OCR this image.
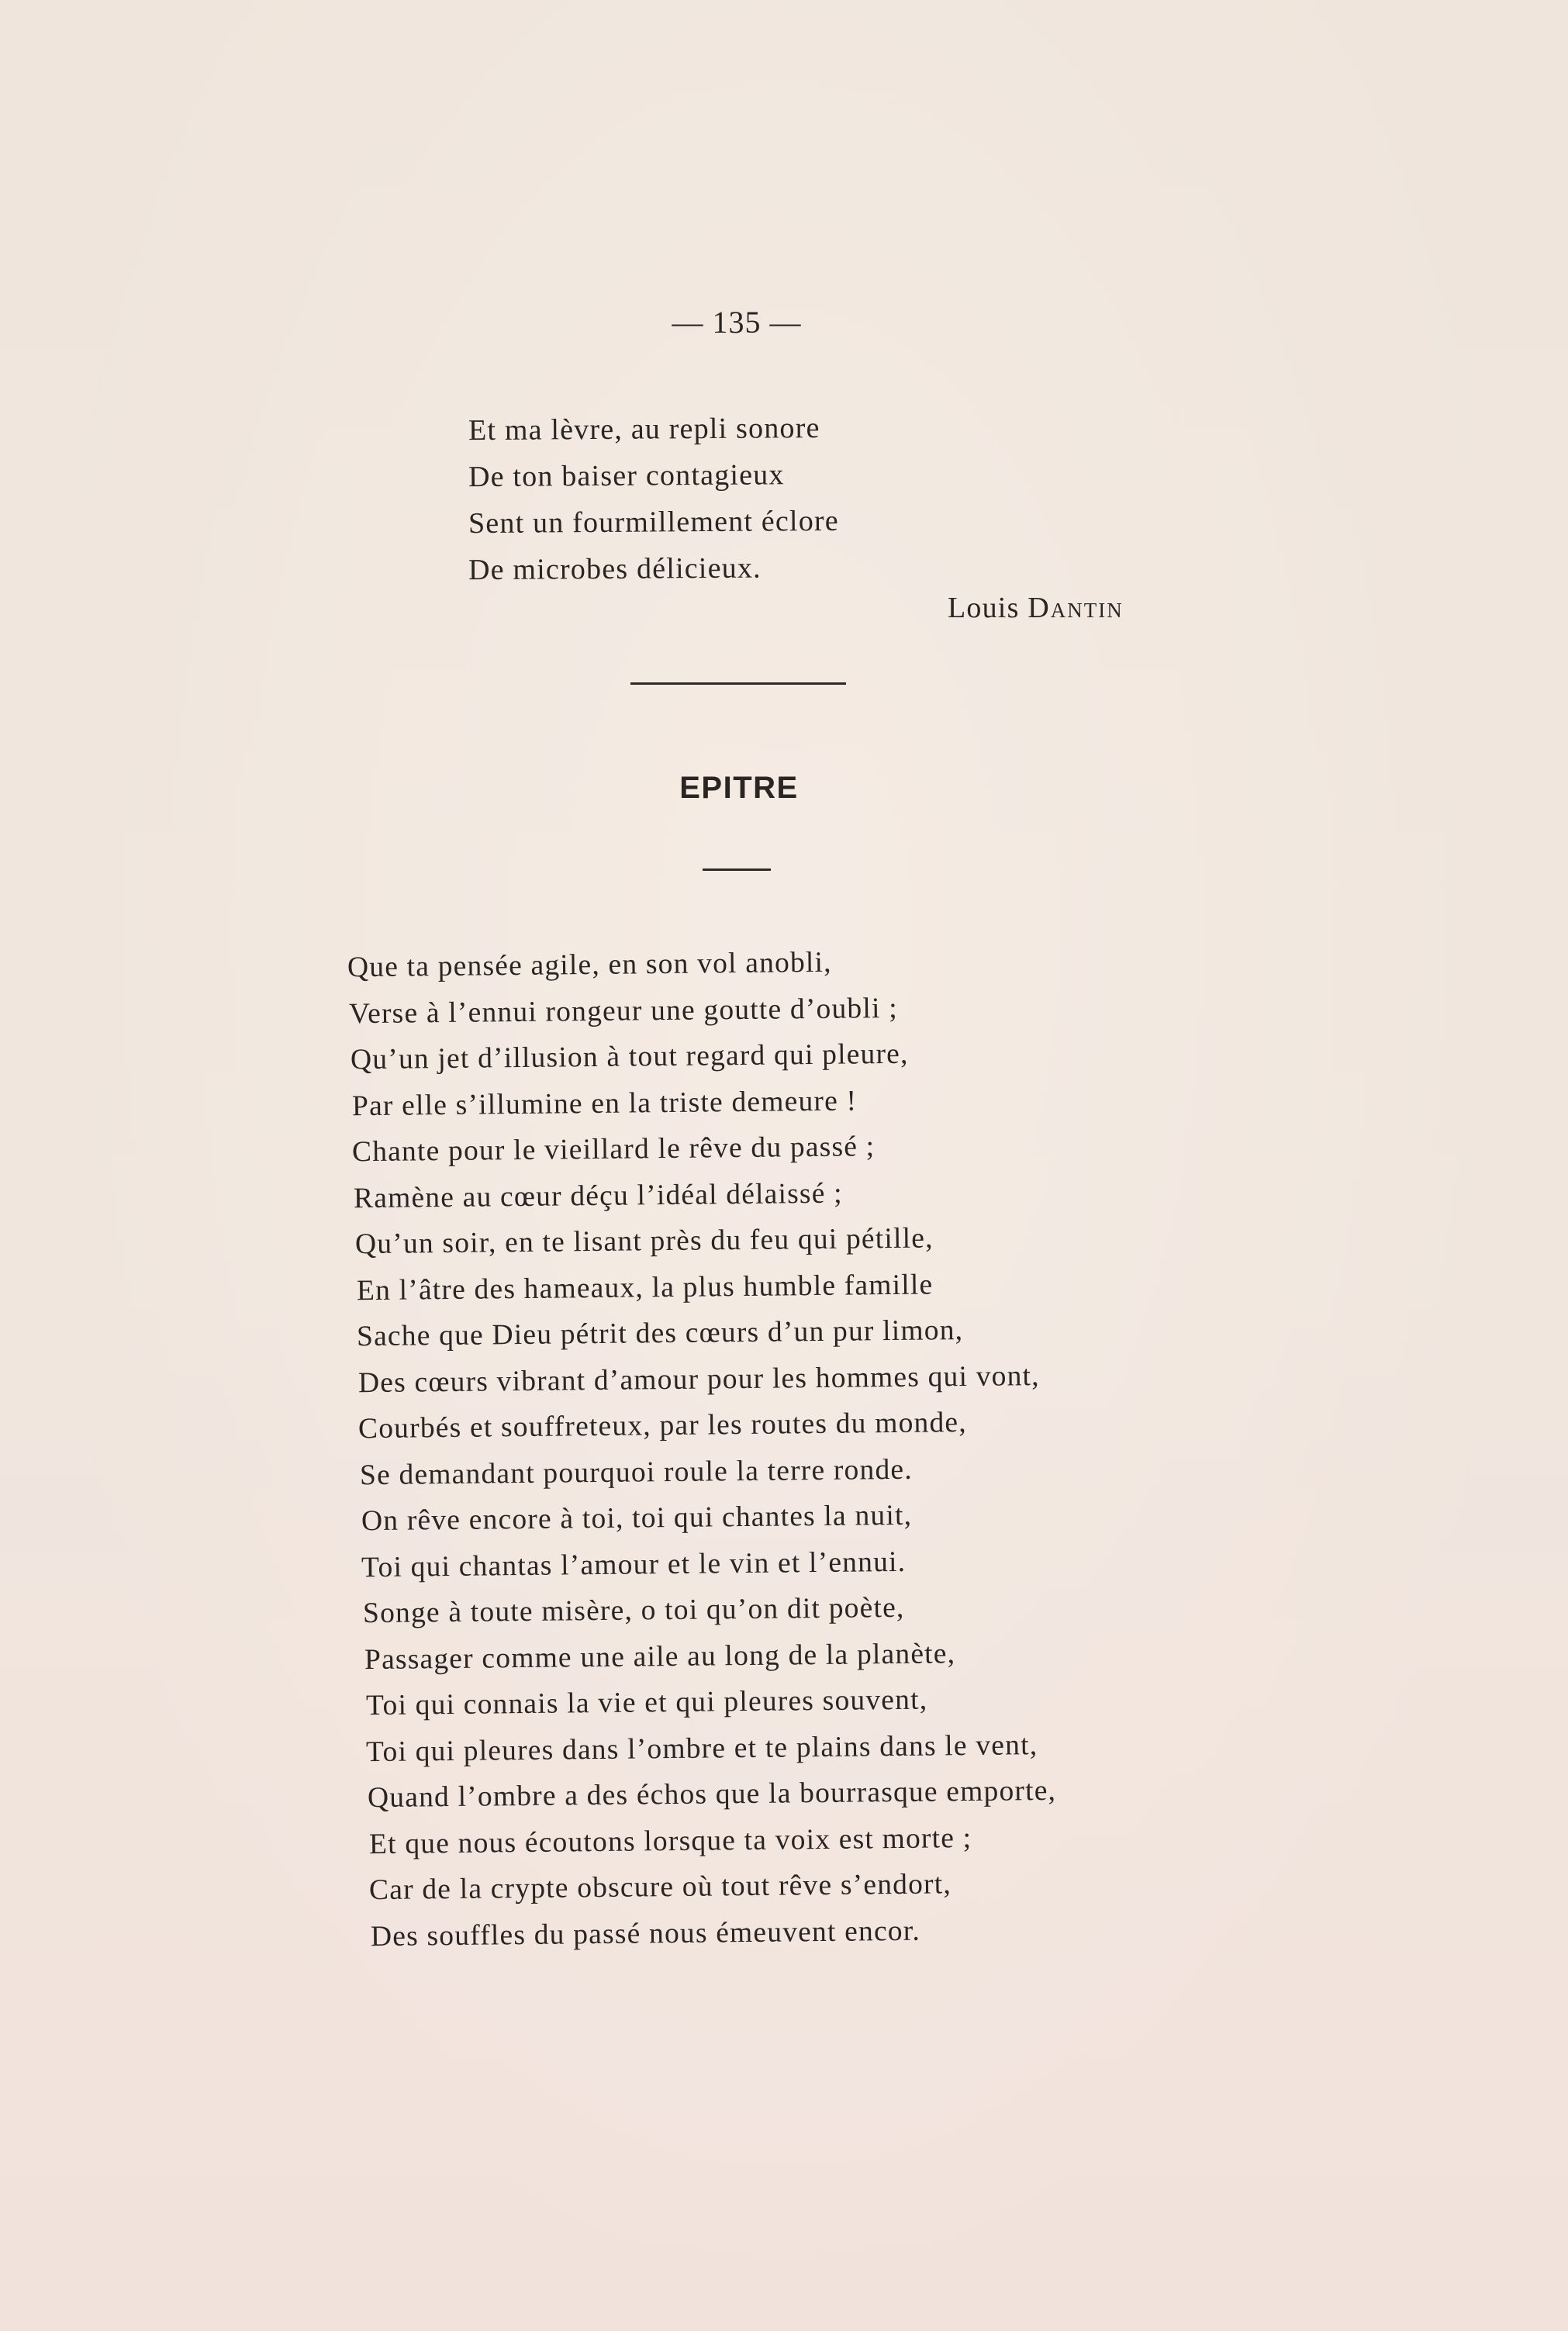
— 135 —
Et ma lèvre, au repli sonore
De ton baiser contagieux
Sent un fourmillement éclore
De microbes délicieux.
Louis Dantin
EPITRE
Que ta pensée agile, en son vol anobli,
Verse à l’ennui rongeur une goutte d’oubli ;
Qu’un jet d’illusion à tout regard qui pleure,
Par elle s’illumine en la triste demeure !
Chante pour le vieillard le rêve du passé ;
Ramène au cœur déçu l’idéal délaissé ;
Qu’un soir, en te lisant près du feu qui pétille,
En l’âtre des hameaux, la plus humble famille
Sache que Dieu pétrit des cœurs d’un pur limon,
Des cœurs vibrant d’amour pour les hommes qui vont,
Courbés et souffreteux, par les routes du monde,
Se demandant pourquoi roule la terre ronde.
On rêve encore à toi, toi qui chantes la nuit,
Toi qui chantas l’amour et le vin et l’ennui.
Songe à toute misère, o toi qu’on dit poète,
Passager comme une aile au long de la planète,
Toi qui connais la vie et qui pleures souvent,
Toi qui pleures dans l’ombre et te plains dans le vent,
Quand l’ombre a des échos que la bourrasque emporte,
Et que nous écoutons lorsque ta voix est morte ;
Car de la crypte obscure où tout rêve s’endort,
Des souffles du passé nous émeuvent encor.
